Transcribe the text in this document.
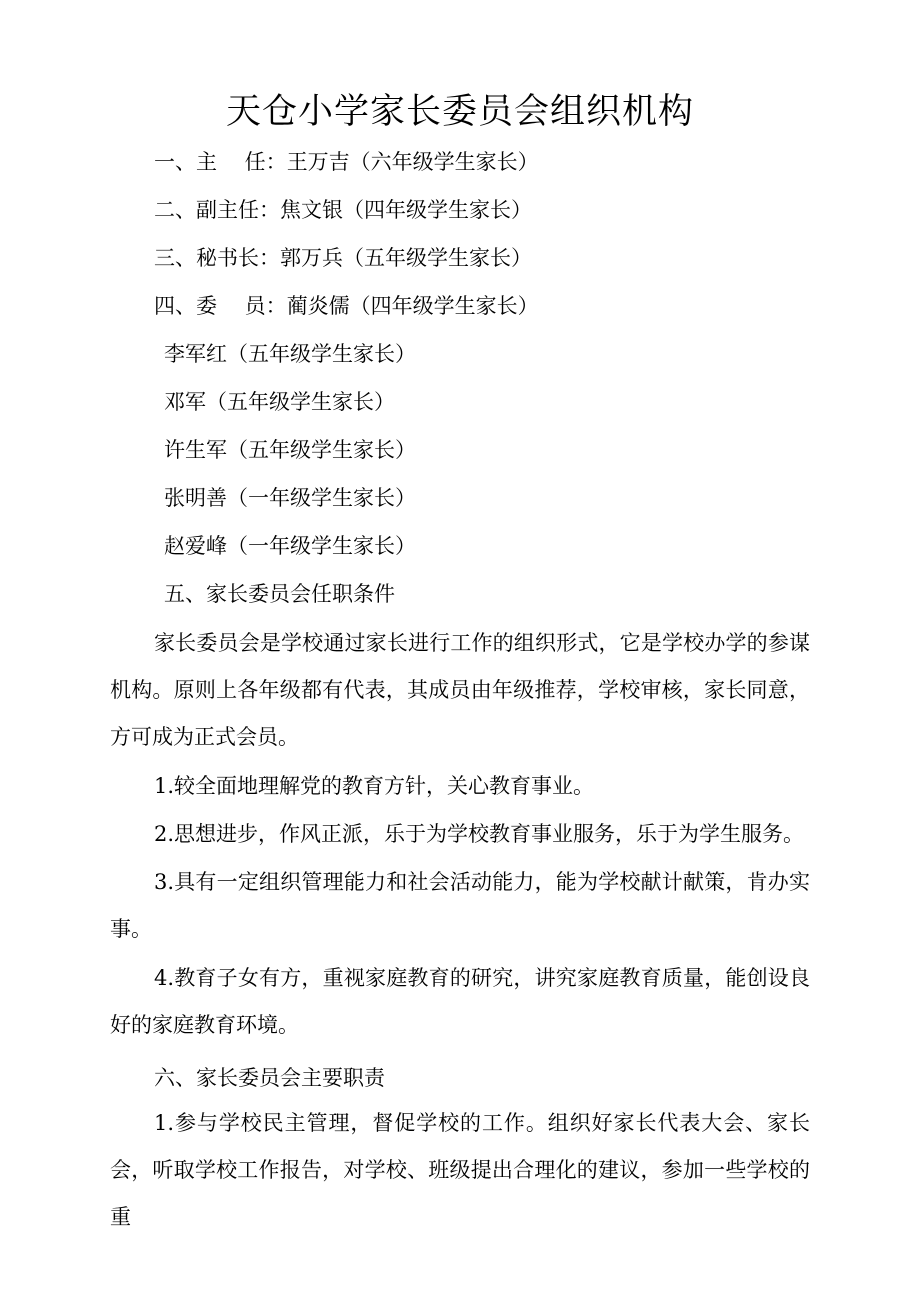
天仓小学家长委员会组织机构

一、主　 任：王万吉（六年级学生家长）

二、副主任：焦文银（四年级学生家长）

三、秘书长：郭万兵（五年级学生家长）

四、委　 员：蔺炎儒（四年级学生家长）

李军红（五年级学生家长）

邓军（五年级学生家长）

许生军（五年级学生家长）

张明善（一年级学生家长）

赵爱峰（一年级学生家长）

五、家长委员会任职条件

家长委员会是学校通过家长进行工作的组织形式，它是学校办学的参谋机构。原则上各年级都有代表，其成员由年级推荐，学校审核，家长同意，方可成为正式会员。

1.较全面地理解党的教育方针，关心教育事业。

2.思想进步，作风正派，乐于为学校教育事业服务，乐于为学生服务。

3.具有一定组织管理能力和社会活动能力，能为学校献计献策，肯办实事。

4.教育子女有方，重视家庭教育的研究，讲究家庭教育质量，能创设良好的家庭教育环境。

六、家长委员会主要职责

1.参与学校民主管理，督促学校的工作。组织好家长代表大会、家长会，听取学校工作报告，对学校、班级提出合理化的建议，参加一些学校的重
